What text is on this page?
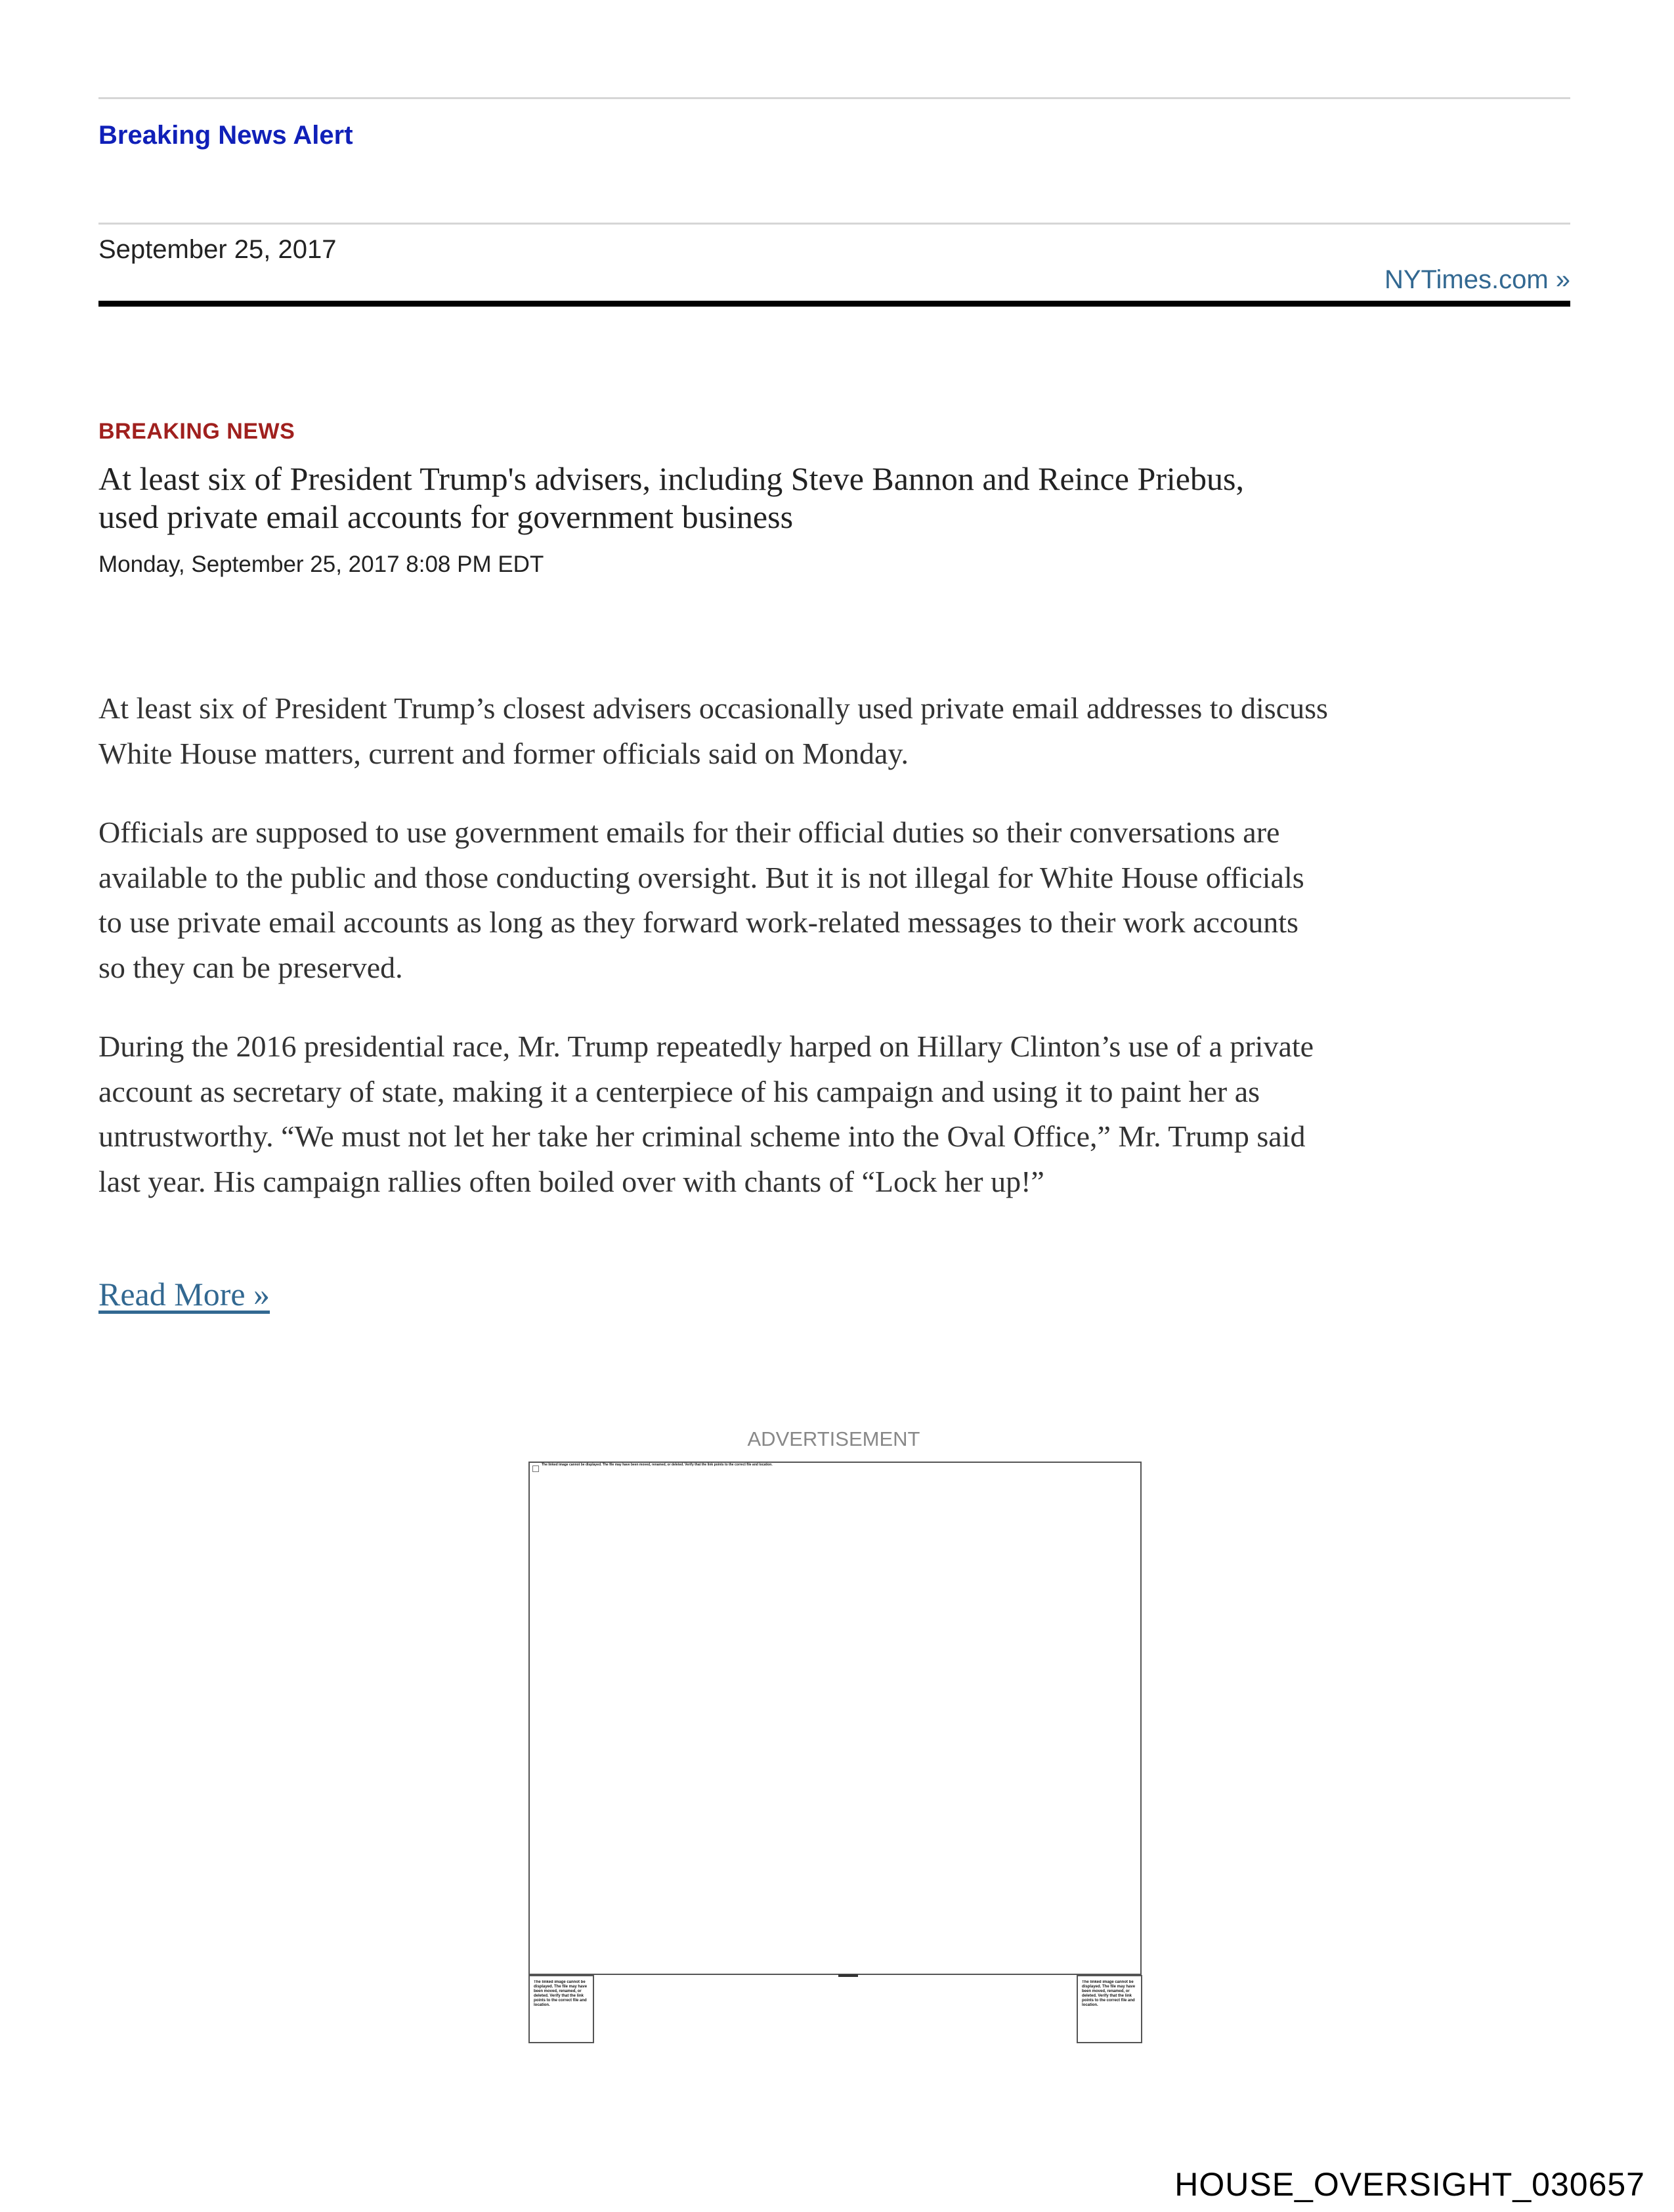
Breaking News Alert
September 25, 2017
NYTimes.com »
BREAKING NEWS
At least six of President Trump's advisers, including Steve Bannon and Reince Priebus, used private email accounts for government business
Monday, September 25, 2017 8:08 PM EDT

At least six of President Trump’s closest advisers occasionally used private email addresses to discuss White House matters, current and former officials said on Monday.

Officials are supposed to use government emails for their official duties so their conversations are available to the public and those conducting oversight. But it is not illegal for White House officials to use private email accounts as long as they forward work-related messages to their work accounts so they can be preserved.

During the 2016 presidential race, Mr. Trump repeatedly harped on Hillary Clinton’s use of a private account as secretary of state, making it a centerpiece of his campaign and using it to paint her as untrustworthy. “We must not let her take her criminal scheme into the Oval Office,” Mr. Trump said last year. His campaign rallies often boiled over with chants of “Lock her up!”

Read More »
ADVERTISEMENT
The linked image cannot be displayed. The file may have been moved, renamed, or deleted. Verify that the link points to the correct file and location.
The linked image cannot be displayed. The file may have been moved, renamed, or deleted. Verify that the link points to the correct file and location.
The linked image cannot be displayed. The file may have been moved, renamed, or deleted. Verify that the link points to the correct file and location.
HOUSE_OVERSIGHT_030657
